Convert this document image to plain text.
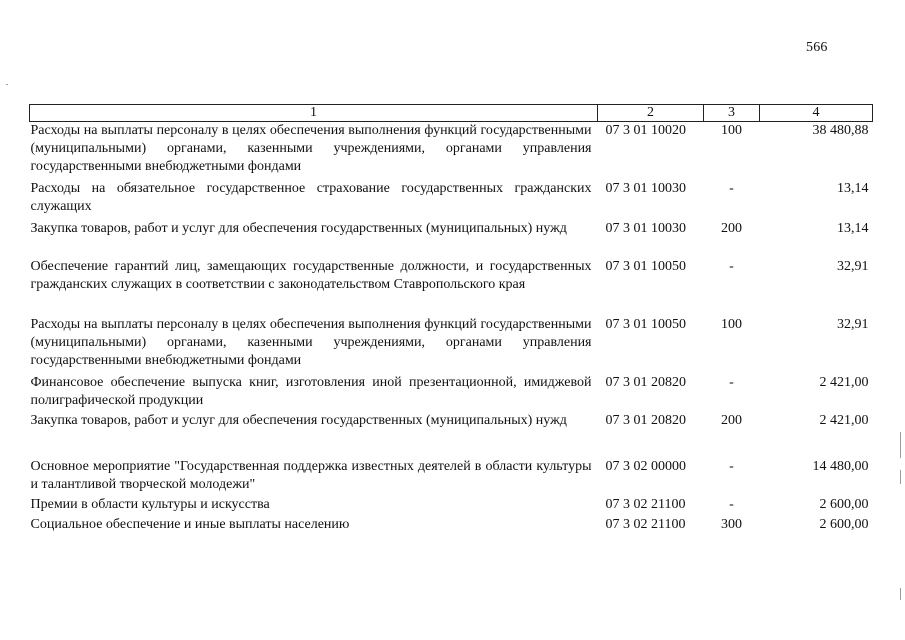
566
1	2	3	4
Расходы на выплаты персоналу в целях обеспечения выполнения функций государственными (муниципальными) органами, казенными учреждениями, органами управления государственными внебюджетными фондами	07 3 01 10020	100	38 480,88
Расходы на обязательное государственное страхование государственных гражданских служащих	07 3 01 10030	-	13,14
Закупка товаров, работ и услуг для обеспечения государственных (муниципальных) нужд	07 3 01 10030	200	13,14
Обеспечение гарантий лиц, замещающих государственные должности, и государственных гражданских служащих в соответствии с законодательством Ставропольского края	07 3 01 10050	-	32,91
Расходы на выплаты персоналу в целях обеспечения выполнения функций государственными (муниципальными) органами, казенными учреждениями, органами управления государственными внебюджетными фондами	07 3 01 10050	100	32,91
Финансовое обеспечение выпуска книг, изготовления иной презентационной, имиджевой полиграфической продукции	07 3 01 20820	-	2 421,00
Закупка товаров, работ и услуг для обеспечения государственных (муниципальных) нужд	07 3 01 20820	200	2 421,00
Основное мероприятие "Государственная поддержка известных деятелей в области культуры и талантливой творческой молодежи"	07 3 02 00000	-	14 480,00
Премии в области культуры и искусства	07 3 02 21100	-	2 600,00
Социальное обеспечение и иные выплаты населению	07 3 02 21100	300	2 600,00
